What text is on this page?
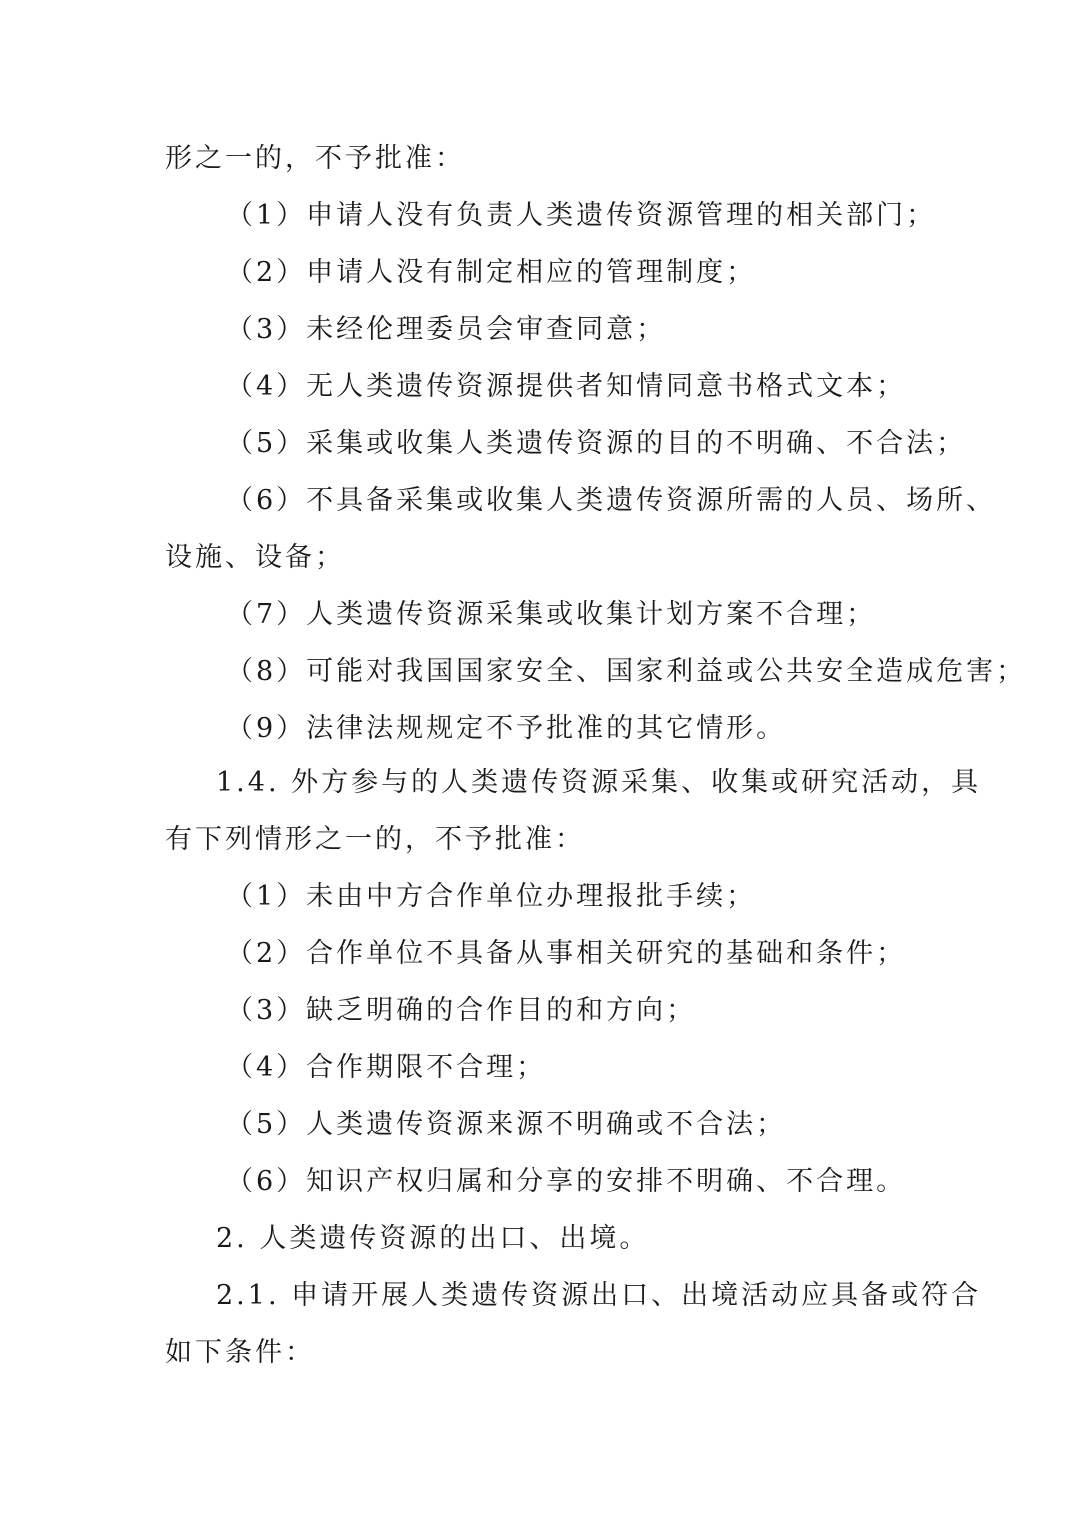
形之一的，不予批准：
（1）申请人没有负责人类遗传资源管理的相关部门；
（2）申请人没有制定相应的管理制度；
（3）未经伦理委员会审查同意；
（4）无人类遗传资源提供者知情同意书格式文本；
（5）采集或收集人类遗传资源的目的不明确、不合法；
（6）不具备采集或收集人类遗传资源所需的人员、场所、
设施、设备；
（7）人类遗传资源采集或收集计划方案不合理；
（8）可能对我国国家安全、国家利益或公共安全造成危害；
（9）法律法规规定不予批准的其它情形。
1.4. 外方参与的人类遗传资源采集、收集或研究活动，具
有下列情形之一的，不予批准：
（1）未由中方合作单位办理报批手续；
（2）合作单位不具备从事相关研究的基础和条件；
（3）缺乏明确的合作目的和方向；
（4）合作期限不合理；
（5）人类遗传资源来源不明确或不合法；
（6）知识产权归属和分享的安排不明确、不合理。
2. 人类遗传资源的出口、出境。
2.1. 申请开展人类遗传资源出口、出境活动应具备或符合
如下条件：
